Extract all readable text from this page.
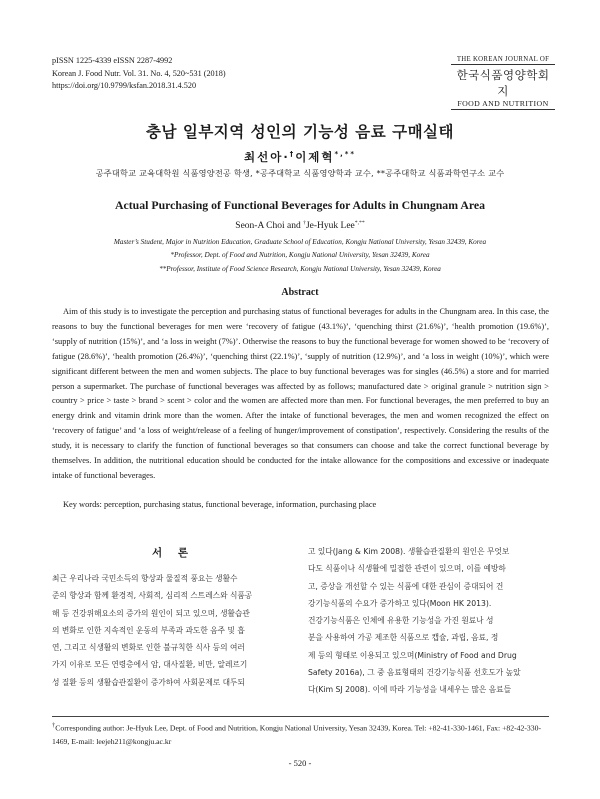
pISSN 1225-4339 eISSN 2287-4992
Korean J. Food Nutr. Vol. 31. No. 4, 520~531 (2018)
https://doi.org/10.9799/ksfan.2018.31.4.520
THE KOREAN JOURNAL OF
한국식품영양학회지
FOOD AND NUTRITION
충남 일부지역 성인의 기능성 음료 구매실태
최선아·†이제혁*,**
공주대학교 교육대학원 식품영양전공 학생, *공주대학교 식품영양학과 교수, **공주대학교 식품과학연구소 교수
Actual Purchasing of Functional Beverages for Adults in Chungnam Area
Seon-A Choi and †Je-Hyuk Lee*,**
Master’s Student, Major in Nutrition Education, Graduate School of Education, Kongju National University, Yesan 32439, Korea
*Professor, Dept. of Food and Nutrition, Kongju National University, Yesan 32439, Korea
**Professor, Institute of Food Science Research, Kongju National University, Yesan 32439, Korea
Abstract

Aim of this study is to investigate the perception and purchasing status of functional beverages for adults in the Chungnam area. In this case, the reasons to buy the functional beverages for men were ‘recovery of fatigue (43.1%)’, ‘quenching thirst (21.6%)’, ‘health promotion (19.6%)’, ‘supply of nutrition (15%)’, and ‘a loss in weight (7%)’. Otherwise the reasons to buy the functional beverage for women showed to be ‘recovery of fatigue (28.6%)’, ‘health promotion (26.4%)’, ‘quenching thirst (22.1%)’, ‘supply of nutrition (12.9%)’, and ‘a loss in weight (10%)’, which were significant different between the men and women subjects. The place to buy functional beverages was for singles (46.5%) a store and for married person a supermarket. The purchase of functional beverages was affected by as follows; manufactured date > original granule > nutrition sign > country > price > taste > brand > scent > color and the women are affected more than men. For functional beverages, the men preferred to buy an energy drink and vitamin drink more than the women. After the intake of functional beverages, the men and women recognized the effect on ‘recovery of fatigue’ and ‘a loss of weight/release of a feeling of hunger/improvement of constipation’, respectively. Considering the results of the study, it is necessary to clarify the function of functional beverages so that consumers can choose and take the correct functional beverage by themselves. In addition, the nutritional education should be conducted for the intake allowance for the compositions and excessive or inadequate intake of functional beverages.

Key words: perception, purchasing status, functional beverage, information, purchasing place
서 론
최근 우리나라 국민소득의 향상과 물질적 풍요는 생활수
준의 향상과 함께 환경적, 사회적, 심리적 스트레스와 식품공
해 등 건강위해요소의 증가의 원인이 되고 있으며, 생활습관
의 변화로 인한 지속적인 운동의 부족과 과도한 음주 및 흡
연, 그리고 식생활의 변화로 인한 불규칙한 식사 등의 여러
가지 이유로 모든 연령층에서 암, 대사질환, 비만, 알레르기
성 질환 등의 생활습관질환이 증가하여 사회문제로 대두되
고 있다(Jang & Kim 2008). 생활습관질환의 원인은 무엇보
다도 식품이나 식생활에 밀접한 관련이 있으며, 이를 예방하
고, 증상을 개선할 수 있는 식품에 대한 관심이 증대되어 건
강기능식품의 수요가 증가하고 있다(Moon HK 2013).
건강기능식품은 인체에 유용한 기능성을 가진 원료나 성
분을 사용하여 가공 제조한 식품으로 캡슐, 과립, 음료, 정
제 등의 형태로 이용되고 있으며(Ministry of Food and Drug
Safety 2016a), 그 중 음료형태의 건강기능식품 선호도가 높았
다(Kim SJ 2008). 이에 따라 기능성을 내세우는 많은 음료들
†Corresponding author: Je-Hyuk Lee, Dept. of Food and Nutrition, Kongju National University, Yesan 32439, Korea. Tel: +82-41-330-1461, Fax: +82-42-330-1469, E-mail: leejeh211@kongju.ac.kr
- 520 -
